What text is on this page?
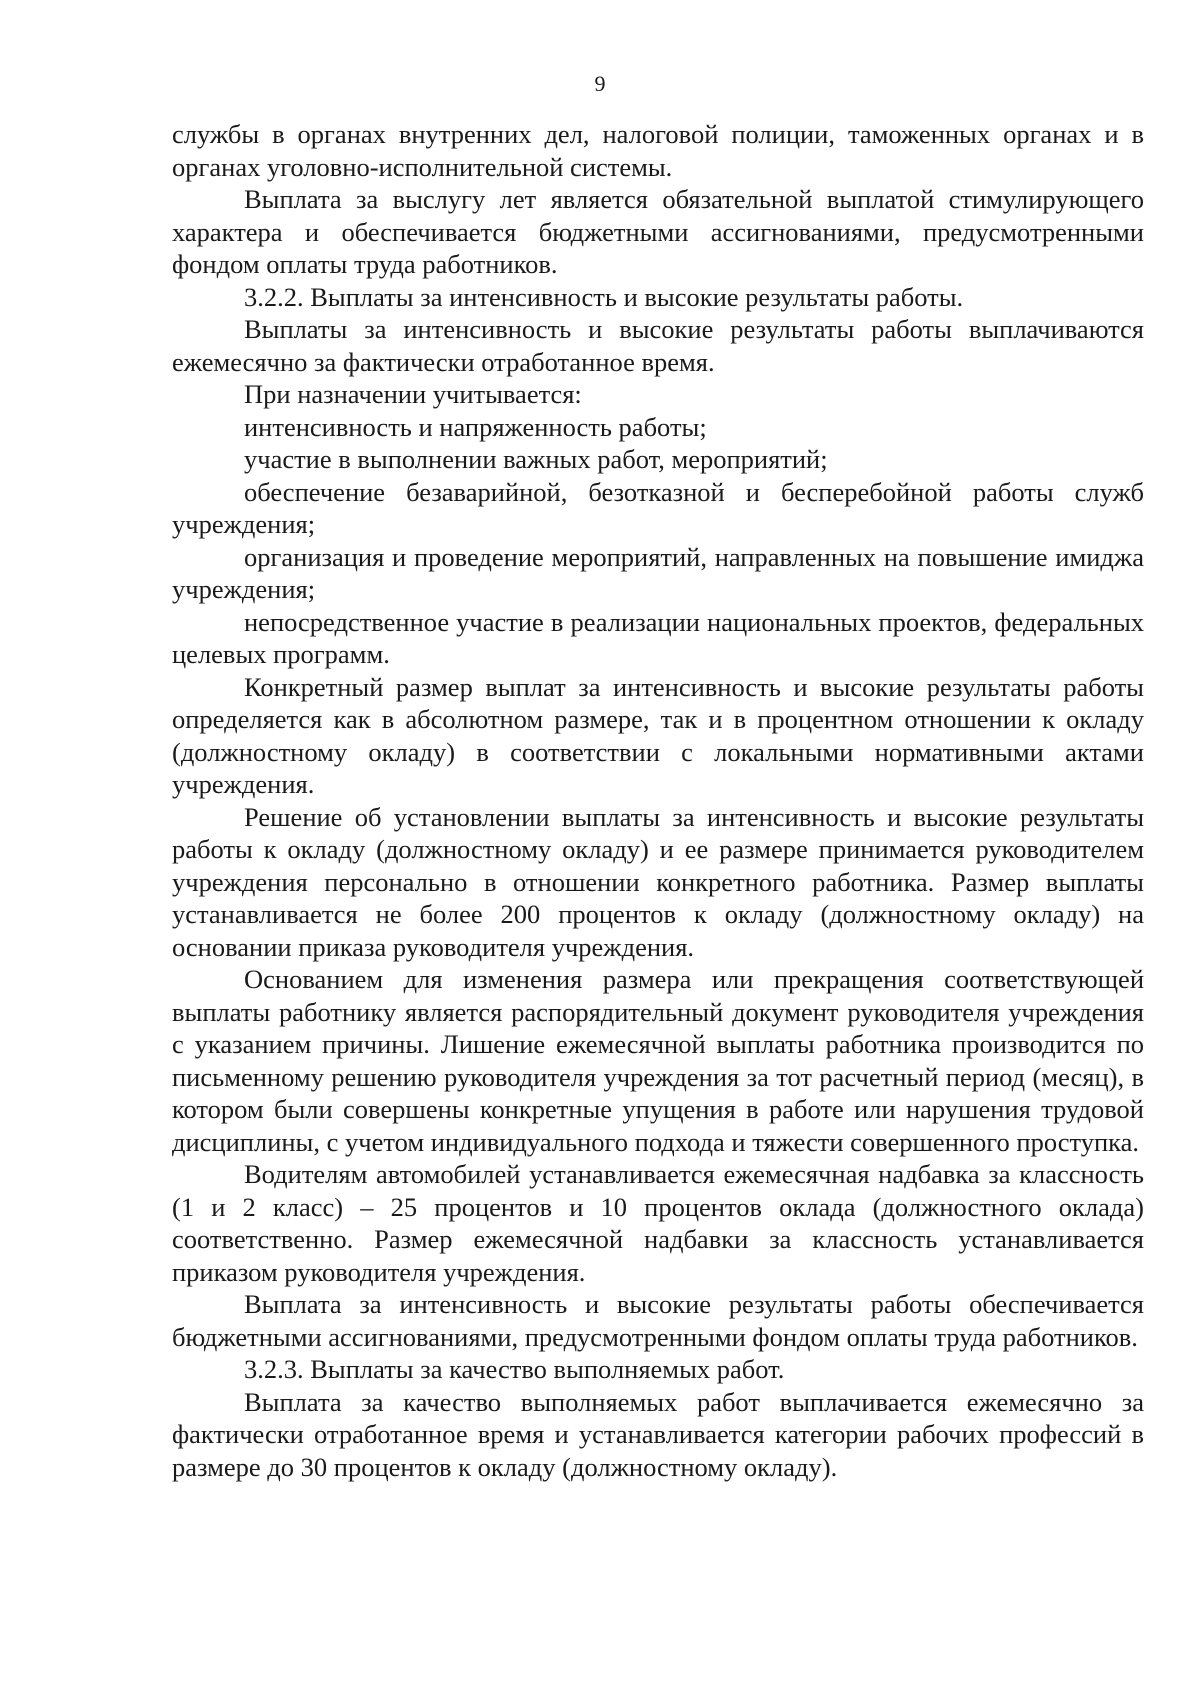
9

службы в органах внутренних дел, налоговой полиции, таможенных органах и в органах уголовно-исполнительной системы.

Выплата за выслугу лет является обязательной выплатой стимулирующего характера и обеспечивается бюджетными ассигнованиями, предусмотренными фондом оплаты труда работников.

3.2.2. Выплаты за интенсивность и высокие результаты работы.

Выплаты за интенсивность и высокие результаты работы выплачиваются ежемесячно за фактически отработанное время.

При назначении учитывается:

интенсивность и напряженность работы;

участие в выполнении важных работ, мероприятий;

обеспечение безаварийной, безотказной и бесперебойной работы служб учреждения;

организация и проведение мероприятий, направленных на повышение имиджа учреждения;

непосредственное участие в реализации национальных проектов, федеральных целевых программ.

Конкретный размер выплат за интенсивность и высокие результаты работы определяется как в абсолютном размере, так и в процентном отношении к окладу (должностному окладу) в соответствии с локальными нормативными актами учреждения.

Решение об установлении выплаты за интенсивность и высокие результаты работы к окладу (должностному окладу) и ее размере принимается руководителем учреждения персонально в отношении конкретного работника. Размер выплаты устанавливается не более 200 процентов к окладу (должностному окладу) на основании приказа руководителя учреждения.

Основанием для изменения размера или прекращения соответствующей выплаты работнику является распорядительный документ руководителя учреждения с указанием причины. Лишение ежемесячной выплаты работника производится по письменному решению руководителя учреждения за тот расчетный период (месяц), в котором были совершены конкретные упущения в работе или нарушения трудовой дисциплины, с учетом индивидуального подхода и тяжести совершенного проступка.

Водителям автомобилей устанавливается ежемесячная надбавка за классность (1 и 2 класс) – 25 процентов и 10 процентов оклада (должностного оклада) соответственно. Размер ежемесячной надбавки за классность устанавливается приказом руководителя учреждения.

Выплата за интенсивность и высокие результаты работы обеспечивается бюджетными ассигнованиями, предусмотренными фондом оплаты труда работников.

3.2.3. Выплаты за качество выполняемых работ.

Выплата за качество выполняемых работ выплачивается ежемесячно за фактически отработанное время и устанавливается категории рабочих профессий в размере до 30 процентов к окладу (должностному окладу).
